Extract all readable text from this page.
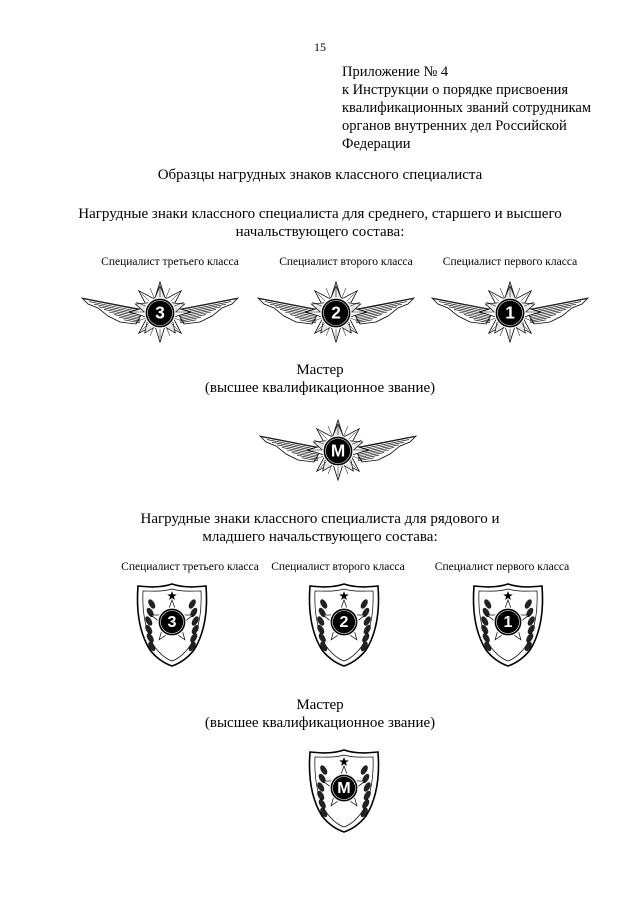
15
Приложение № 4
к Инструкции о порядке присвоения
квалификационных званий сотрудникам
органов внутренних дел Российской
Федерации
Образцы нагрудных знаков классного специалиста
Нагрудные знаки классного специалиста для среднего, старшего и высшего
начальствующего состава:
Специалист третьего класса	Специалист второго класса	Специалист первого класса
3	2	1
Мастер
(высшее квалификационное звание)
М
Нагрудные знаки классного специалиста для рядового и
младшего начальствующего состава:
Специалист третьего класса	Специалист второго класса	Специалист первого класса
3	2	1
Мастер
(высшее квалификационное звание)
М
